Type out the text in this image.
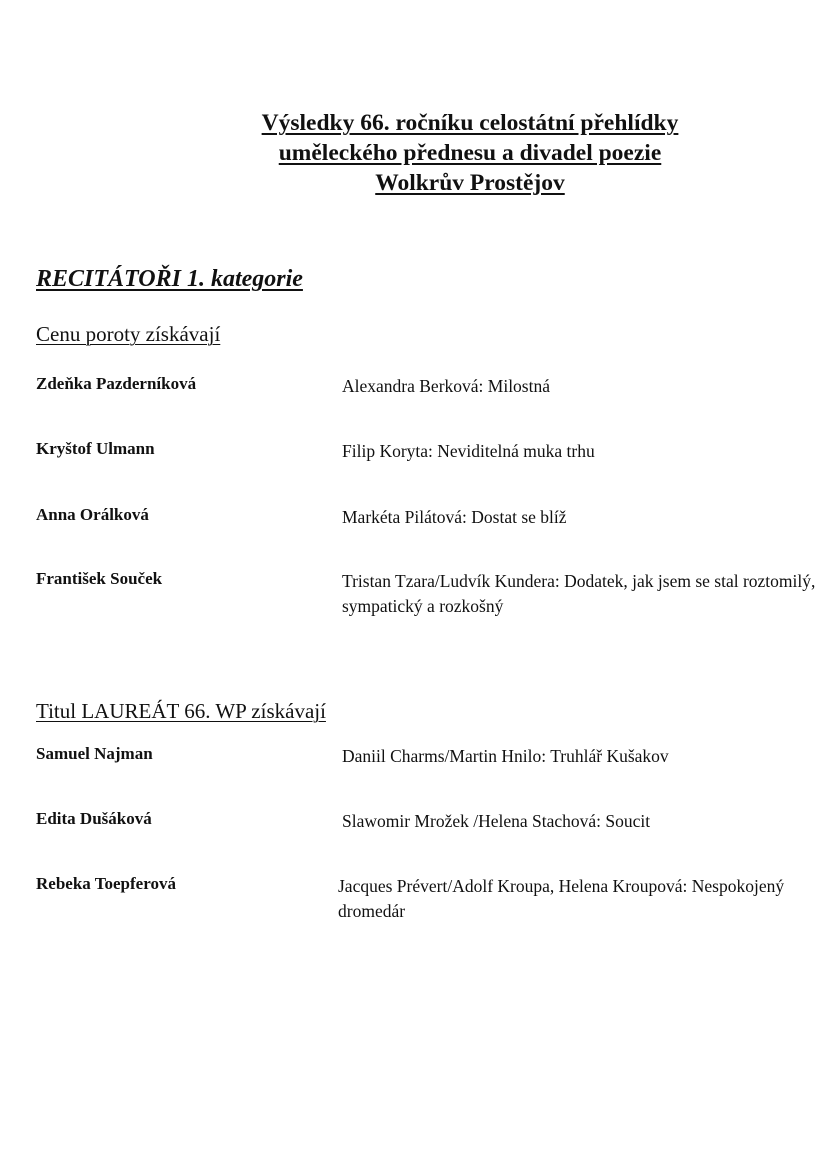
Výsledky 66. ročníku celostátní přehlídky
uměleckého přednesu a divadel poezie
Wolkrův Prostějov
RECITÁTOŘI 1. kategorie
Cenu poroty získávají
Zdeňka Pazderníková	Alexandra Berková: Milostná
Kryštof Ulmann	Filip Koryta: Neviditelná muka trhu
Anna Orálková	Markéta Pilátová: Dostat se blíž
František Souček	Tristan Tzara/Ludvík Kundera: Dodatek, jak jsem se stal roztomilý, sympatický a rozkošný
Titul LAUREÁT 66. WP získávají
Samuel Najman	Daniil Charms/Martin Hnilo: Truhlář Kušakov
Edita Dušáková	Slawomir Mrožek /Helena Stachová: Soucit
Rebeka Toepferová	Jacques Prévert/Adolf Kroupa, Helena Kroupová: Nespokojený dromedár
